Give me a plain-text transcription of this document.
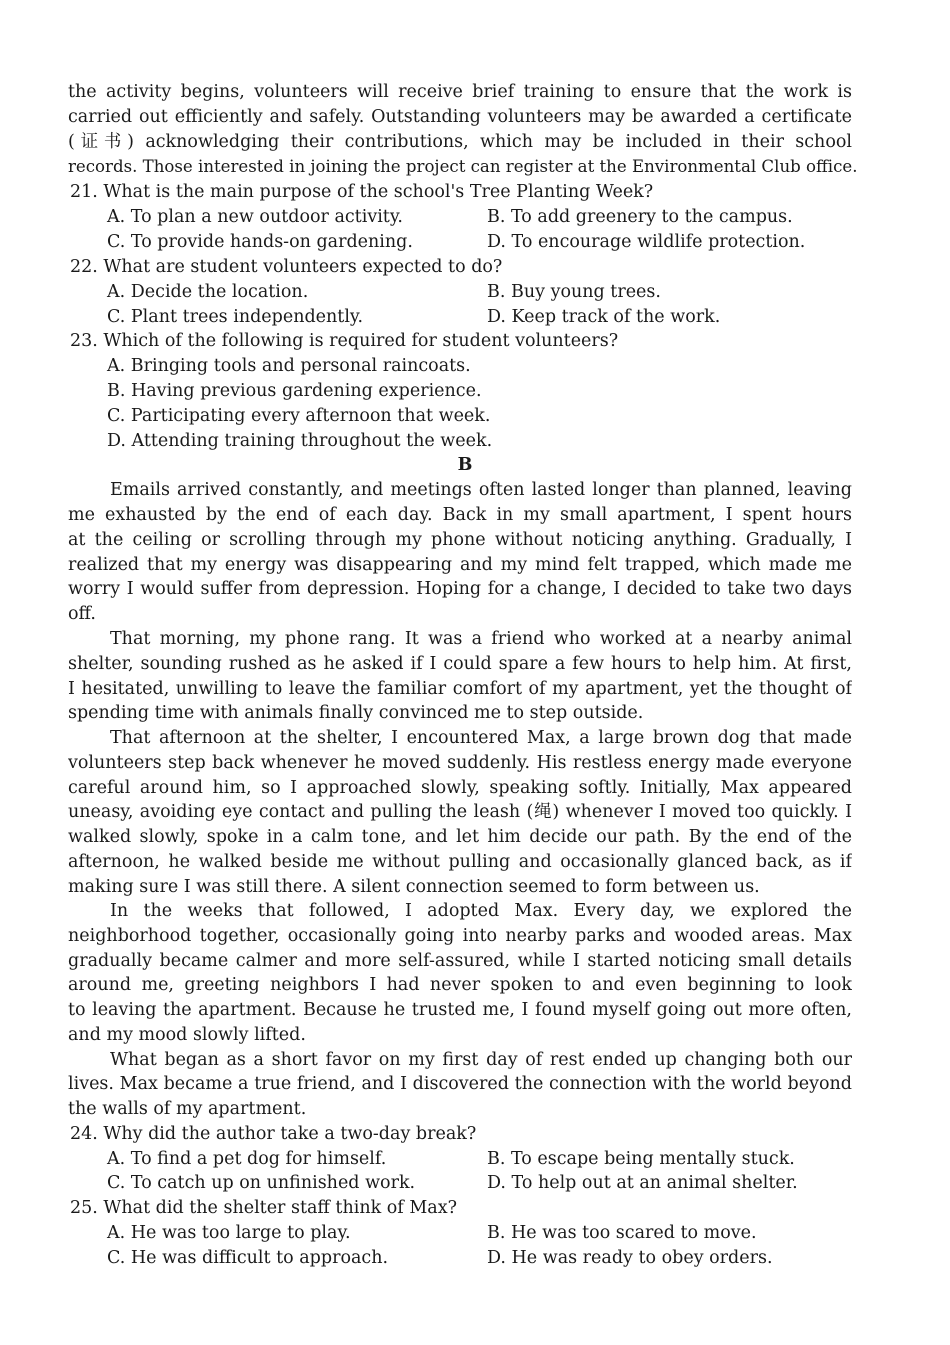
the activity begins, volunteers will receive brief training to ensure that the work is
carried out efficiently and safely. Outstanding volunteers may be awarded a certificate
(证书) acknowledging their contributions, which may be included in their school
records. Those interested in joining the project can register at the Environmental Club office.
21. What is the main purpose of the school's Tree Planting Week?
A. To plan a new outdoor activity.	B. To add greenery to the campus.
C. To provide hands-on gardening.	D. To encourage wildlife protection.
22. What are student volunteers expected to do?
A. Decide the location.	B. Buy young trees.
C. Plant trees independently.	D. Keep track of the work.
23. Which of the following is required for student volunteers?
A. Bringing tools and personal raincoats.
B. Having previous gardening experience.
C. Participating every afternoon that week.
D. Attending training throughout the week.
B
Emails arrived constantly, and meetings often lasted longer than planned, leaving
me exhausted by the end of each day. Back in my small apartment, I spent hours
at the ceiling or scrolling through my phone without noticing anything. Gradually, I
realized that my energy was disappearing and my mind felt trapped, which made me
worry I would suffer from depression. Hoping for a change, I decided to take two days
off.
That morning, my phone rang. It was a friend who worked at a nearby animal
shelter, sounding rushed as he asked if I could spare a few hours to help him. At first,
I hesitated, unwilling to leave the familiar comfort of my apartment, yet the thought of
spending time with animals finally convinced me to step outside.
That afternoon at the shelter, I encountered Max, a large brown dog that made
volunteers step back whenever he moved suddenly. His restless energy made everyone
careful around him, so I approached slowly, speaking softly. Initially, Max appeared
uneasy, avoiding eye contact and pulling the leash (绳) whenever I moved too quickly. I
walked slowly, spoke in a calm tone, and let him decide our path. By the end of the
afternoon, he walked beside me without pulling and occasionally glanced back, as if
making sure I was still there. A silent connection seemed to form between us.
In the weeks that followed, I adopted Max. Every day, we explored the
neighborhood together, occasionally going into nearby parks and wooded areas. Max
gradually became calmer and more self-assured, while I started noticing small details
around me, greeting neighbors I had never spoken to and even beginning to look
to leaving the apartment. Because he trusted me, I found myself going out more often,
and my mood slowly lifted.
What began as a short favor on my first day of rest ended up changing both our
lives. Max became a true friend, and I discovered the connection with the world beyond
the walls of my apartment.
24. Why did the author take a two-day break?
A. To find a pet dog for himself.	B. To escape being mentally stuck.
C. To catch up on unfinished work.	D. To help out at an animal shelter.
25. What did the shelter staff think of Max?
A. He was too large to play.	B. He was too scared to move.
C. He was difficult to approach.	D. He was ready to obey orders.
